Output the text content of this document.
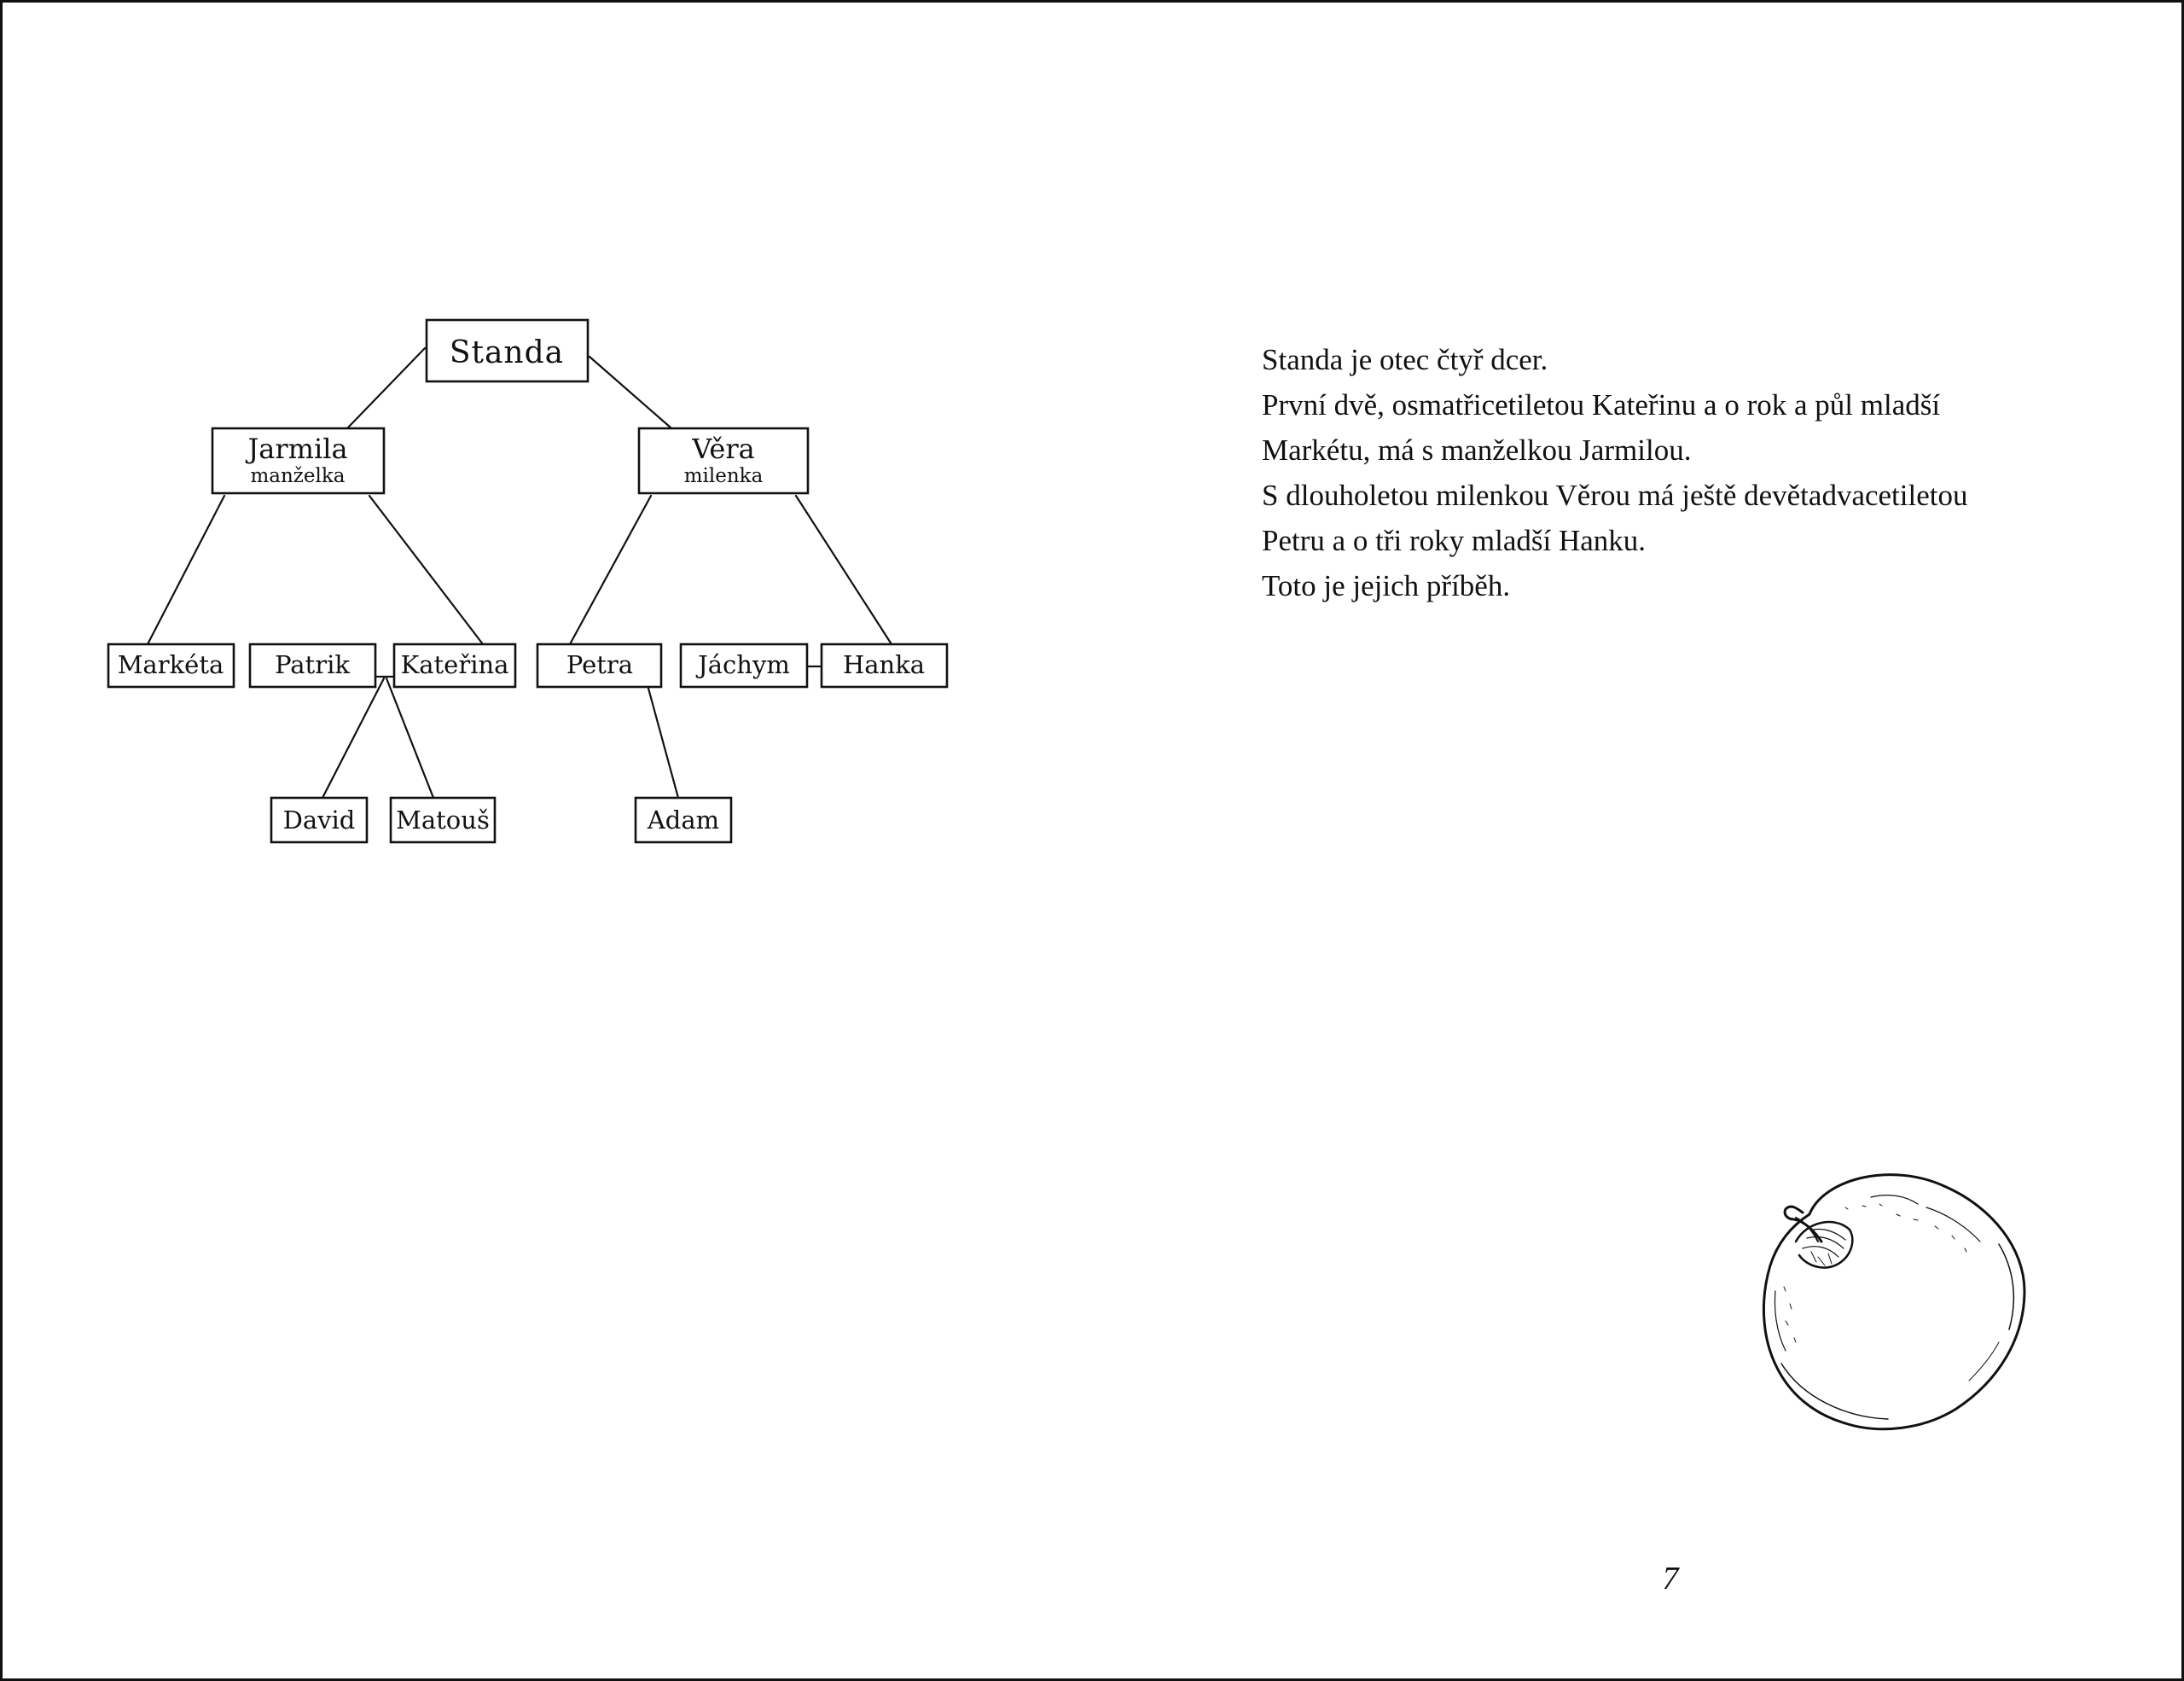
Standa
Jarmila
manželka
Věra
milenka
Markéta Patrik Kateřina Petra	Jáchym Hanka
David Matouš	Adam

Standa je otec čtyř dcer.

První dvě, osmatřicetiletou Kateřinu a o rok a půl mladší

Markétu, má s manželkou Jarmilou.

S dlouholetou milenkou Věrou má ještě devětadvacetiletou

Petru a o tři roky mladší Hanku.

Toto je jejich příběh.

7
